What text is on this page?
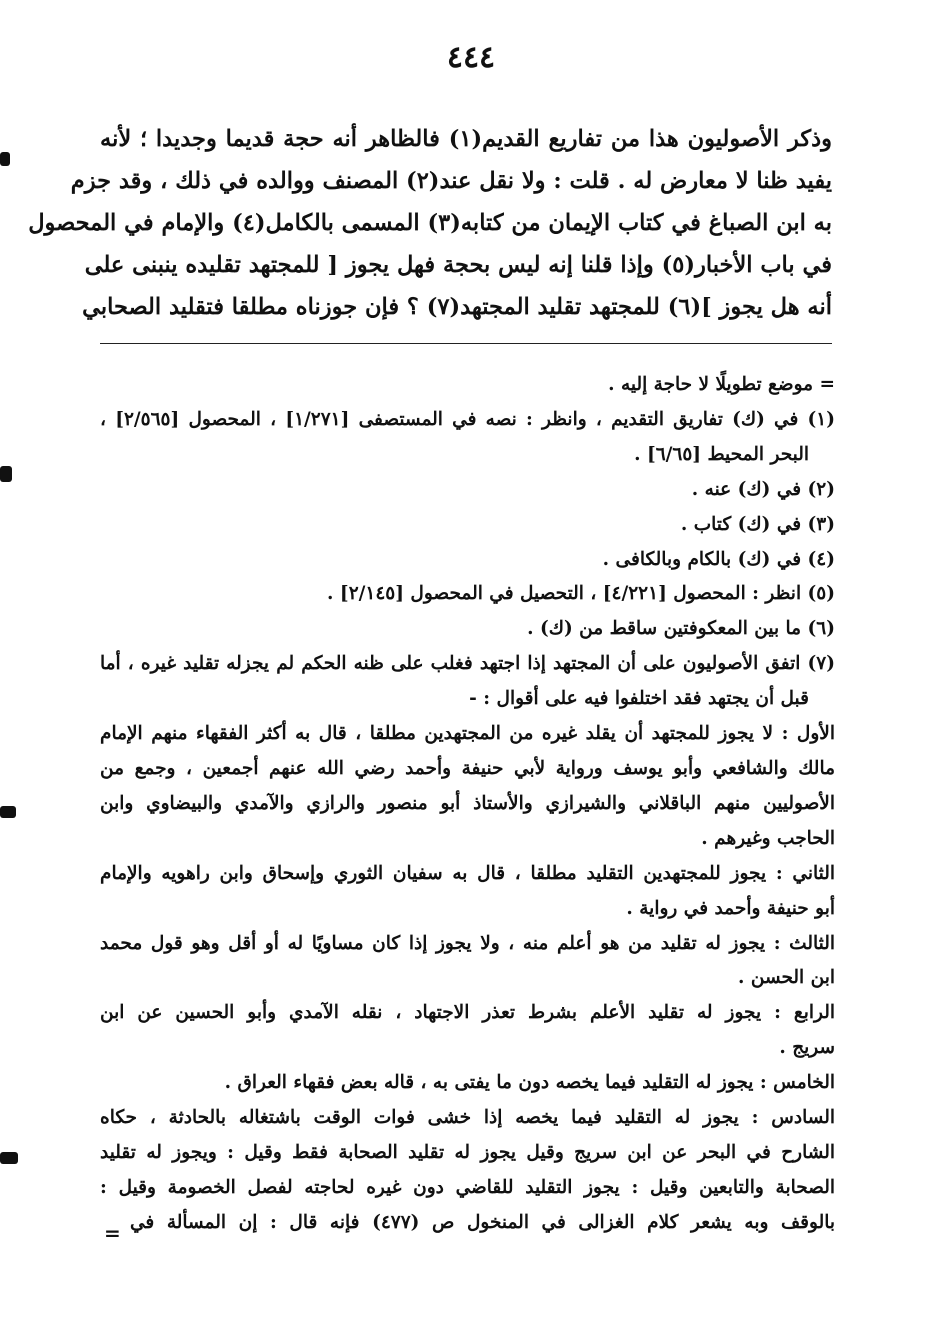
٤٤٤
وذكر الأصوليون هذا من تفاريع القديم(١) فالظاهر أنه حجة قديما وجديدا ؛ لأنه
يفيد ظنا لا معارض له . قلت : ولا نقل عند(٢) المصنف ووالده في ذلك ، وقد جزم
به ابن الصباغ في كتاب الإيمان من كتابه(٣) المسمى بالكامل(٤) والإمام في المحصول
في باب الأخبار(٥) وإذا قلنا إنه ليس بحجة فهل يجوز [ للمجتهد تقليده ينبنى على
أنه هل يجوز ](٦) للمجتهد تقليد المجتهد(٧) ؟ فإن جوزناه مطلقا فتقليد الصحابي
= موضع تطويلًا لا حاجة إليه .
(١) في (ك) تفاريق التقديم ، وانظر : نصه في المستصفى [١/٢٧١] ، المحصول [٢/٥٦٥] ،
البحر المحيط [٦/٦٥] .
(٢) في (ك) عنه .
(٣) في (ك) كتاب .
(٤) في (ك) بالكام وبالكافى .
(٥) انظر : المحصول [٤/٢٢١] ، التحصيل في المحصول [٢/١٤٥] .
(٦) ما بين المعكوفتين ساقط من (ك) .
(٧) اتفق الأصوليون على أن المجتهد إذا اجتهد فغلب على ظنه الحكم لم يجزله تقليد غيره ، أما
قبل أن يجتهد فقد اختلفوا فيه على أقوال : -
الأول : لا يجوز للمجتهد أن يقلد غيره من المجتهدين مطلقا ، قال به أكثر الفقهاء منهم الإمام
مالك والشافعي وأبو يوسف ورواية لأبي حنيفة وأحمد رضي الله عنهم أجمعين ، وجمع من
الأصوليين منهم الباقلاني والشيرازي والأستاذ أبو منصور والرازي والآمدي والبيضاوي وابن
الحاجب وغيرهم .
الثاني : يجوز للمجتهدين التقليد مطلقا ، قال به سفيان الثوري وإسحاق وابن راهويه والإمام
أبو حنيفة وأحمد في رواية .
الثالث : يجوز له تقليد من هو أعلم منه ، ولا يجوز إذا كان مساويًا له أو أقل وهو قول محمد
ابن الحسن .
الرابع : يجوز له تقليد الأعلم بشرط تعذر الاجتهاد ، نقله الآمدي وأبو الحسين عن ابن
سريج .
الخامس : يجوز له التقليد فيما يخصه دون ما يفتى به ، قاله بعض فقهاء العراق .
السادس : يجوز له التقليد فيما يخصه إذا خشى فوات الوقت باشتغاله بالحادثة ، حكاه
الشارح في البحر عن ابن سريج وقيل يجوز له تقليد الصحابة فقط وقيل : ويجوز له تقليد
الصحابة والتابعين وقيل : يجوز التقليد للقاضي دون غيره لحاجته لفصل الخصومة وقيل :
بالوقف وبه يشعر كلام الغزالى في المنخول ص (٤٧٧) فإنه قال : إن المسألة في
=
